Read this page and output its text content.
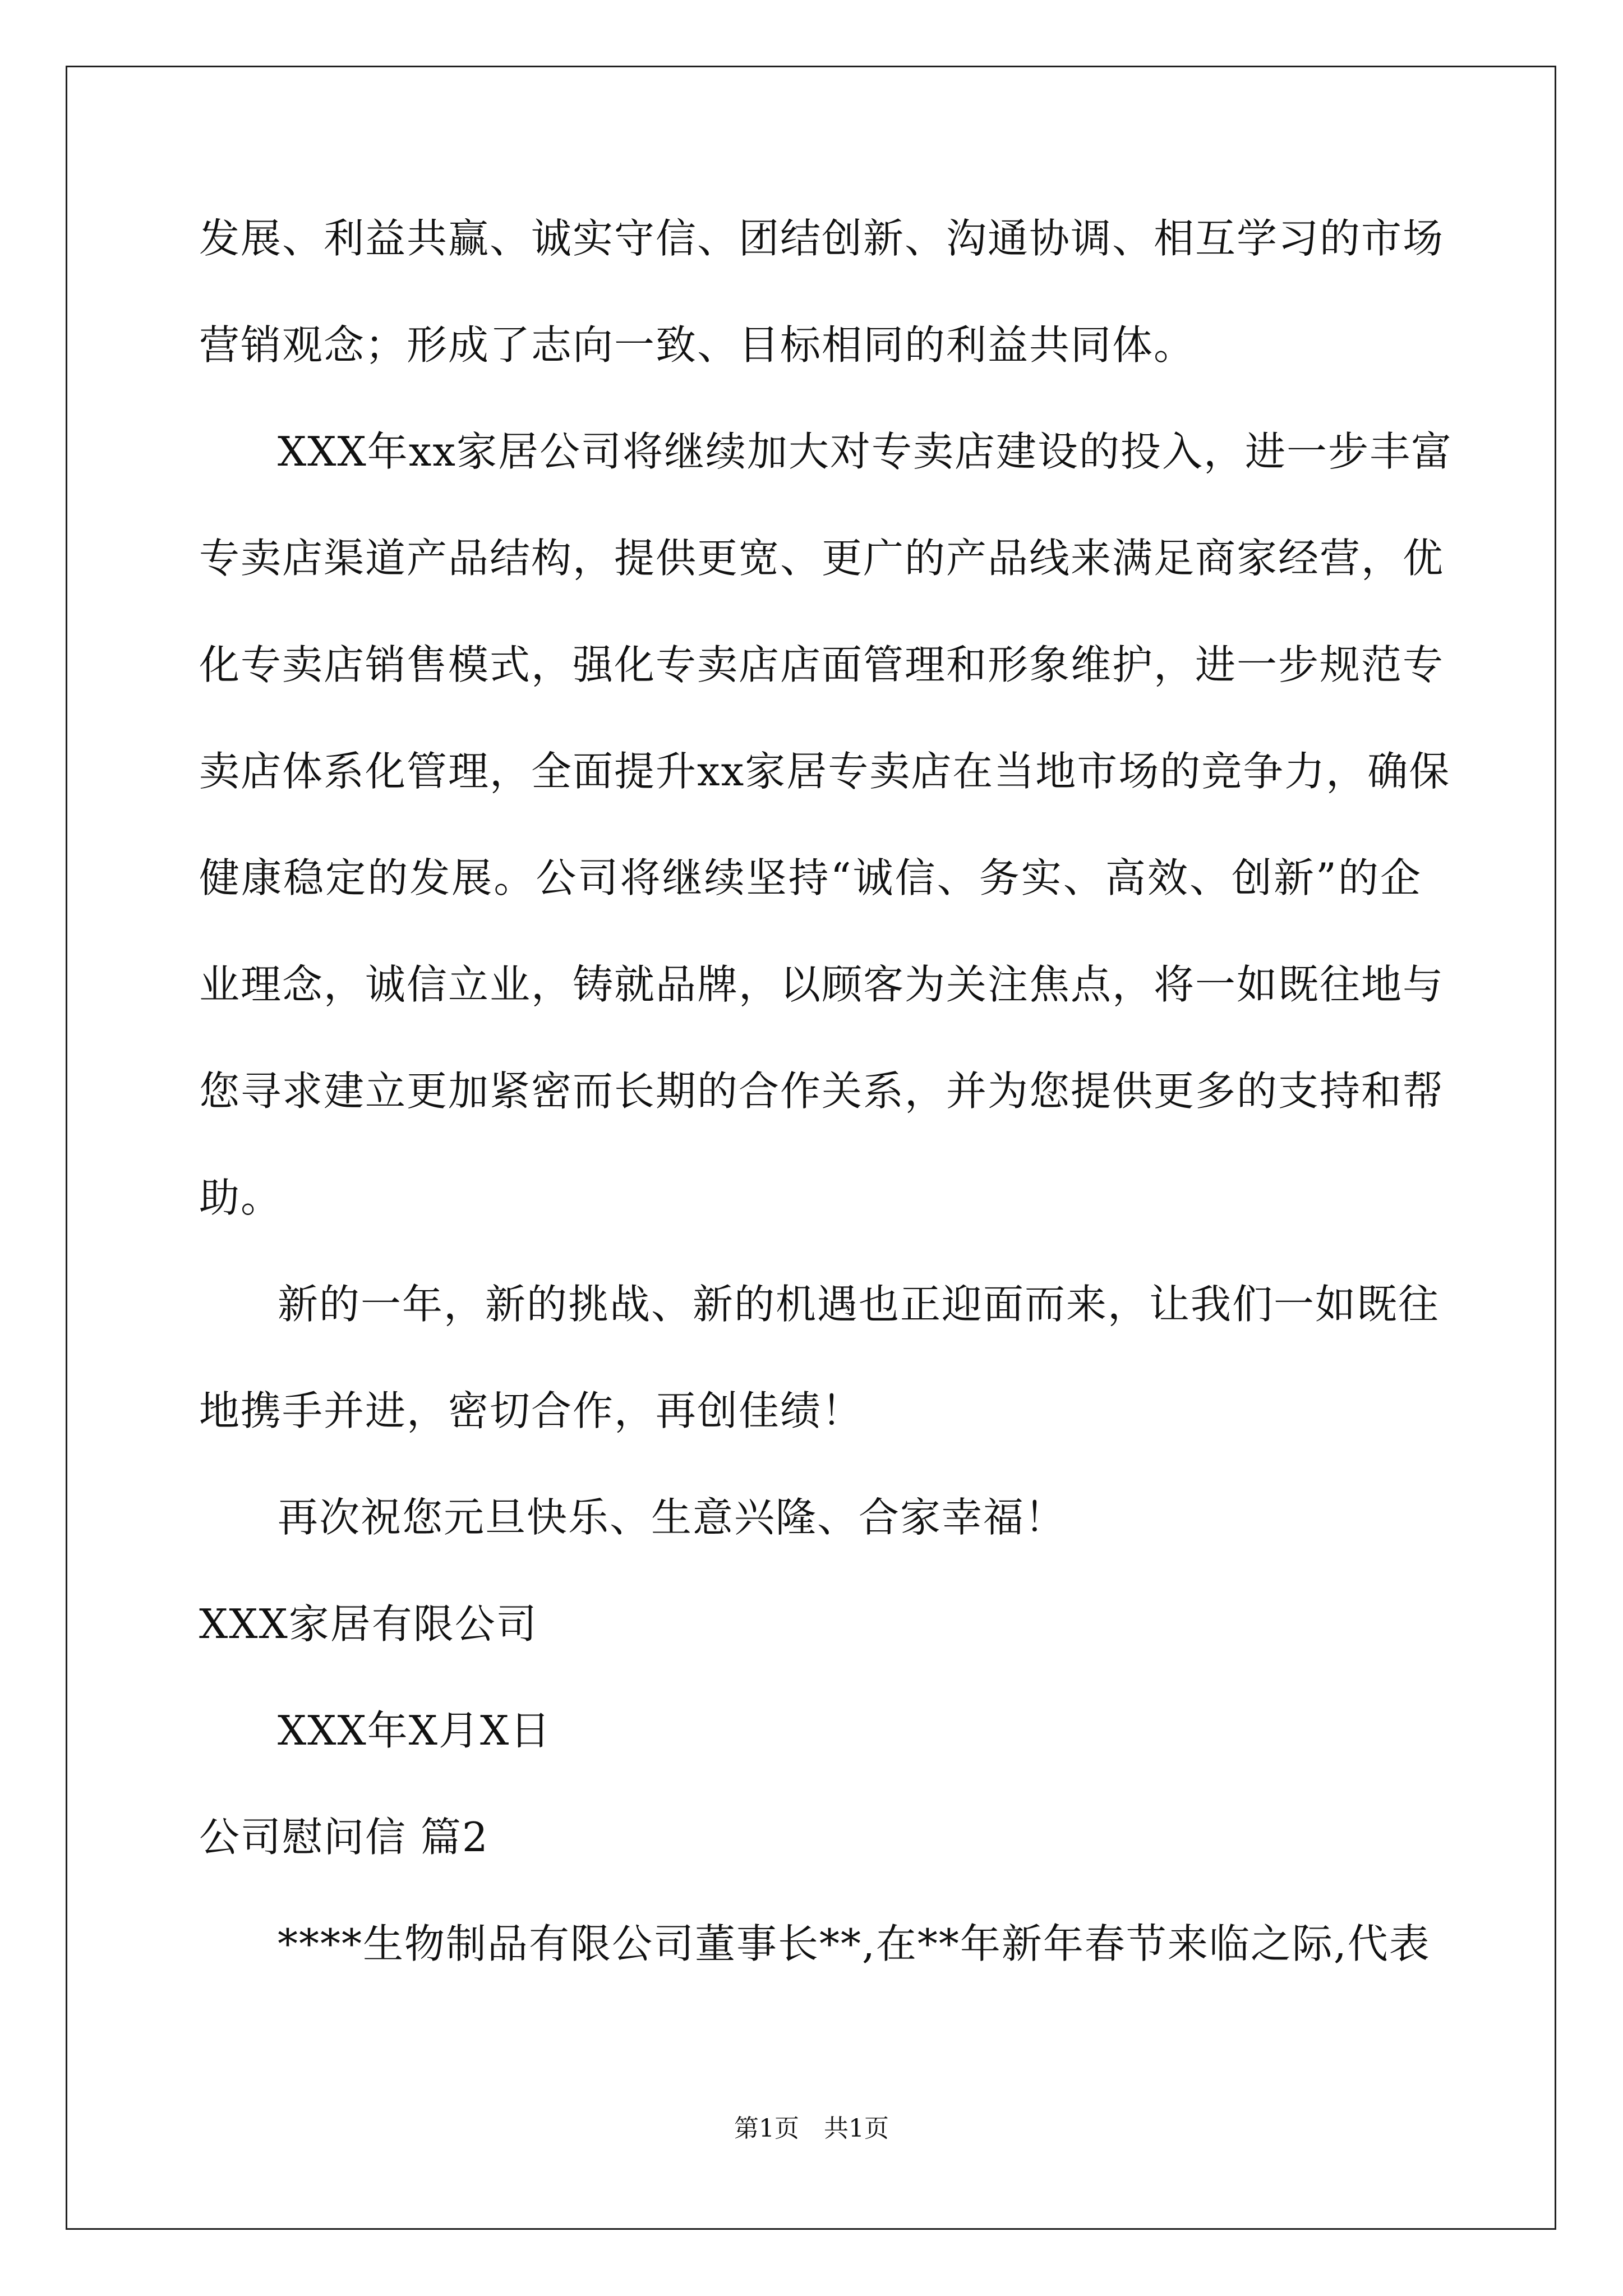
发展、利益共赢、诚实守信、团结创新、沟通协调、相互学习的市场
营销观念；形成了志向一致、目标相同的利益共同体。
XXX年xx家居公司将继续加大对专卖店建设的投入，进一步丰富
专卖店渠道产品结构，提供更宽、更广的产品线来满足商家经营，优
化专卖店销售模式，强化专卖店店面管理和形象维护，进一步规范专
卖店体系化管理，全面提升xx家居专卖店在当地市场的竞争力，确保
健康稳定的发展。公司将继续坚持“诚信、务实、高效、创新”的企
业理念，诚信立业，铸就品牌，以顾客为关注焦点，将一如既往地与
您寻求建立更加紧密而长期的合作关系，并为您提供更多的支持和帮
助。
新的一年，新的挑战、新的机遇也正迎面而来，让我们一如既往
地携手并进，密切合作，再创佳绩！
再次祝您元旦快乐、生意兴隆、合家幸福！
XXX家居有限公司
XXX年X月X日
公司慰问信 篇2
****生物制品有限公司董事长**,在**年新年春节来临之际,代表
第1页　共1页
